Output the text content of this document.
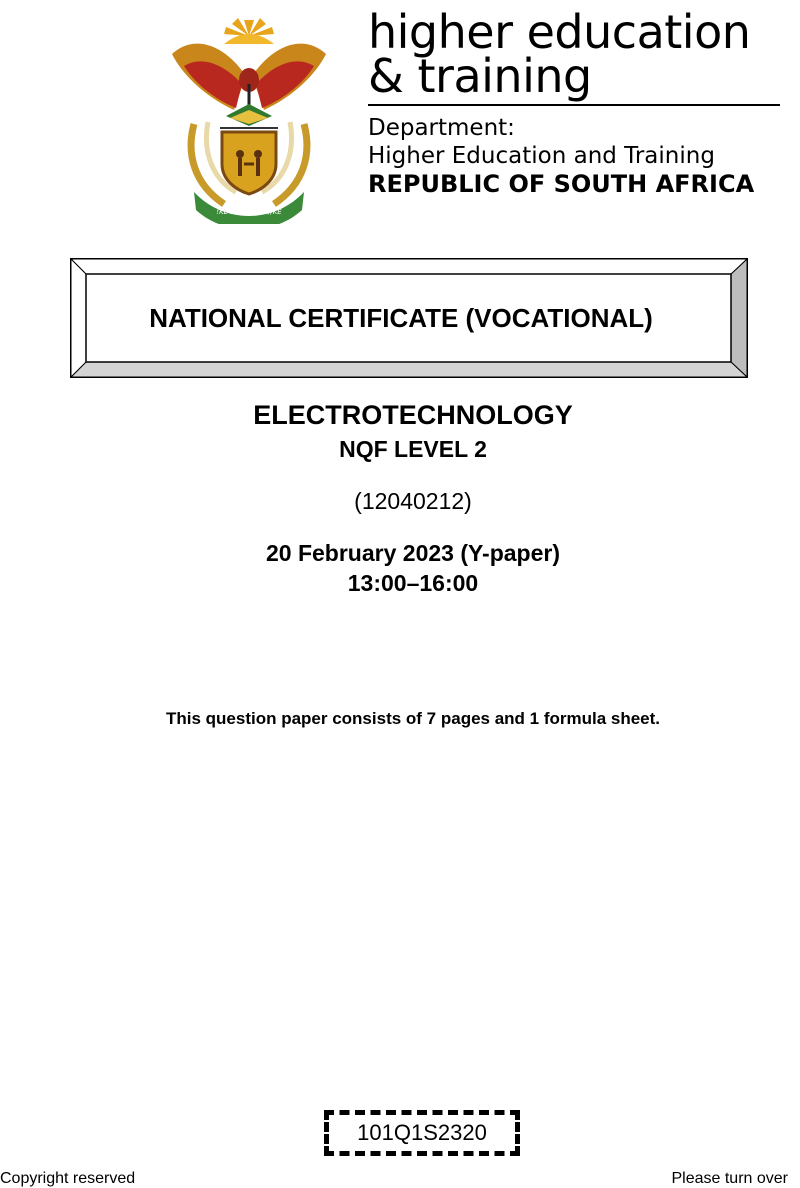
!KE E: /XARRA //KE
higher education
& training
Department:
Higher Education and Training
REPUBLIC OF SOUTH AFRICA
NATIONAL CERTIFICATE (VOCATIONAL)
ELECTROTECHNOLOGY
NQF LEVEL 2
(12040212)
20 February 2023 (Y-paper)
13:00–16:00
This question paper consists of 7 pages and 1 formula sheet.
101Q1S2320
Copyright reserved	Please turn over
